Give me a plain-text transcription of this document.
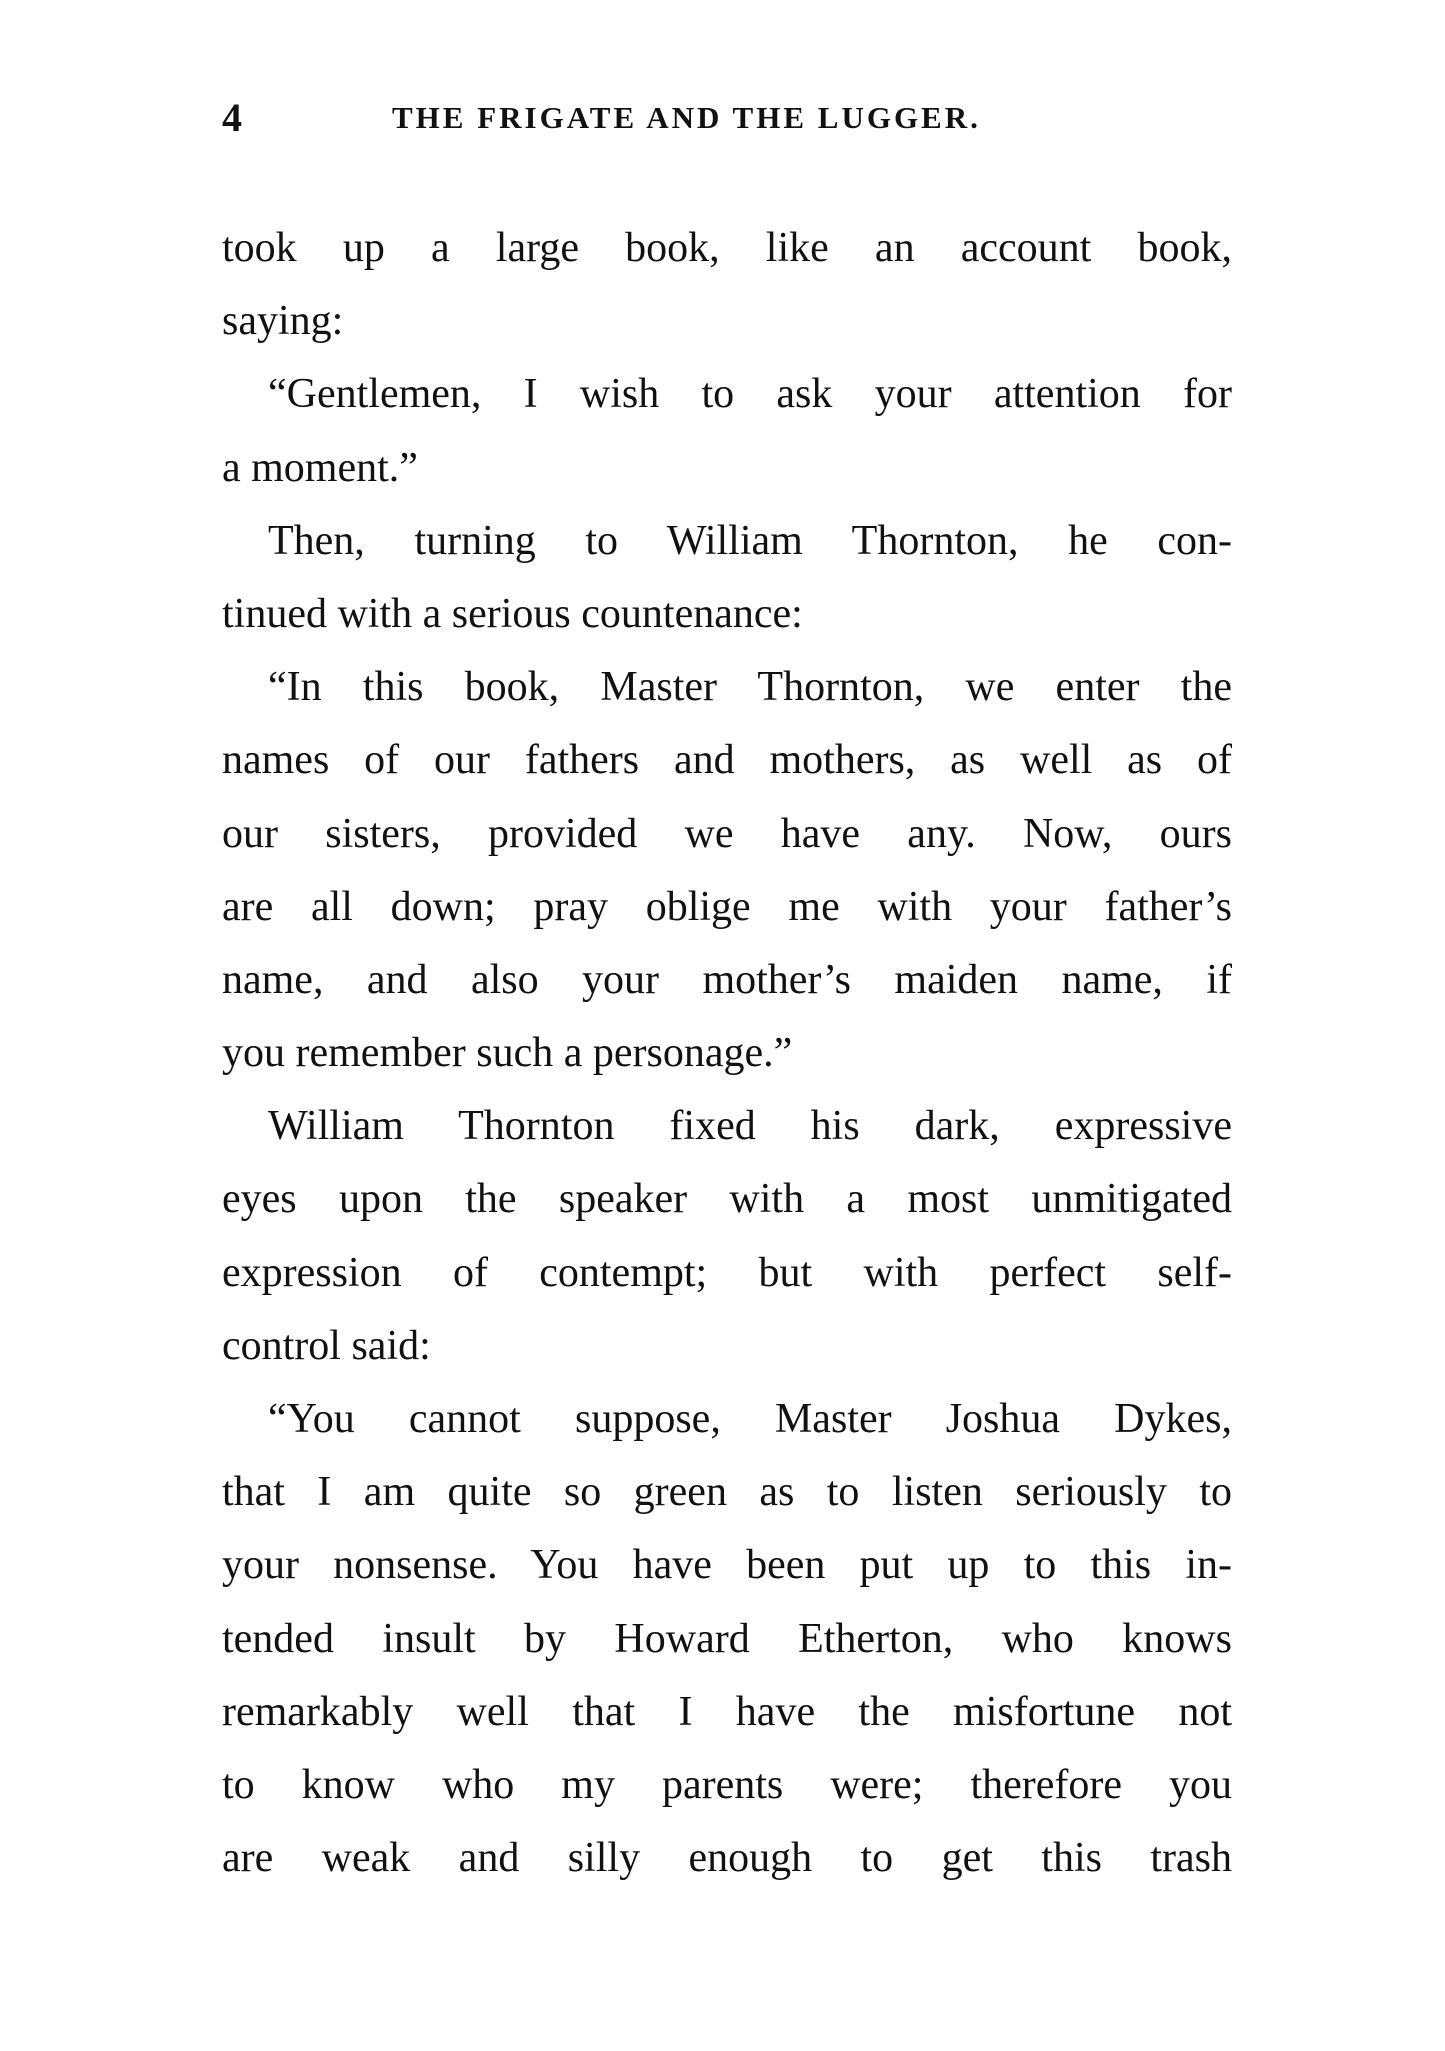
4	THE FRIGATE AND THE LUGGER.
took up a large book, like an account book,
saying:
“Gentlemen, I wish to ask your attention for
a moment.”
Then, turning to William Thornton, he con-
tinued with a serious countenance:
“In this book, Master Thornton, we enter the
names of our fathers and mothers, as well as of
our sisters, provided we have any. Now, ours
are all down; pray oblige me with your father’s
name, and also your mother’s maiden name, if
you remember such a personage.”
William Thornton fixed his dark, expressive
eyes upon the speaker with a most unmitigated
expression of contempt; but with perfect self-
control said:
“You cannot suppose, Master Joshua Dykes,
that I am quite so green as to listen seriously to
your nonsense. You have been put up to this in-
tended insult by Howard Etherton, who knows
remarkably well that I have the misfortune not
to know who my parents were; therefore you
are weak and silly enough to get this trash
